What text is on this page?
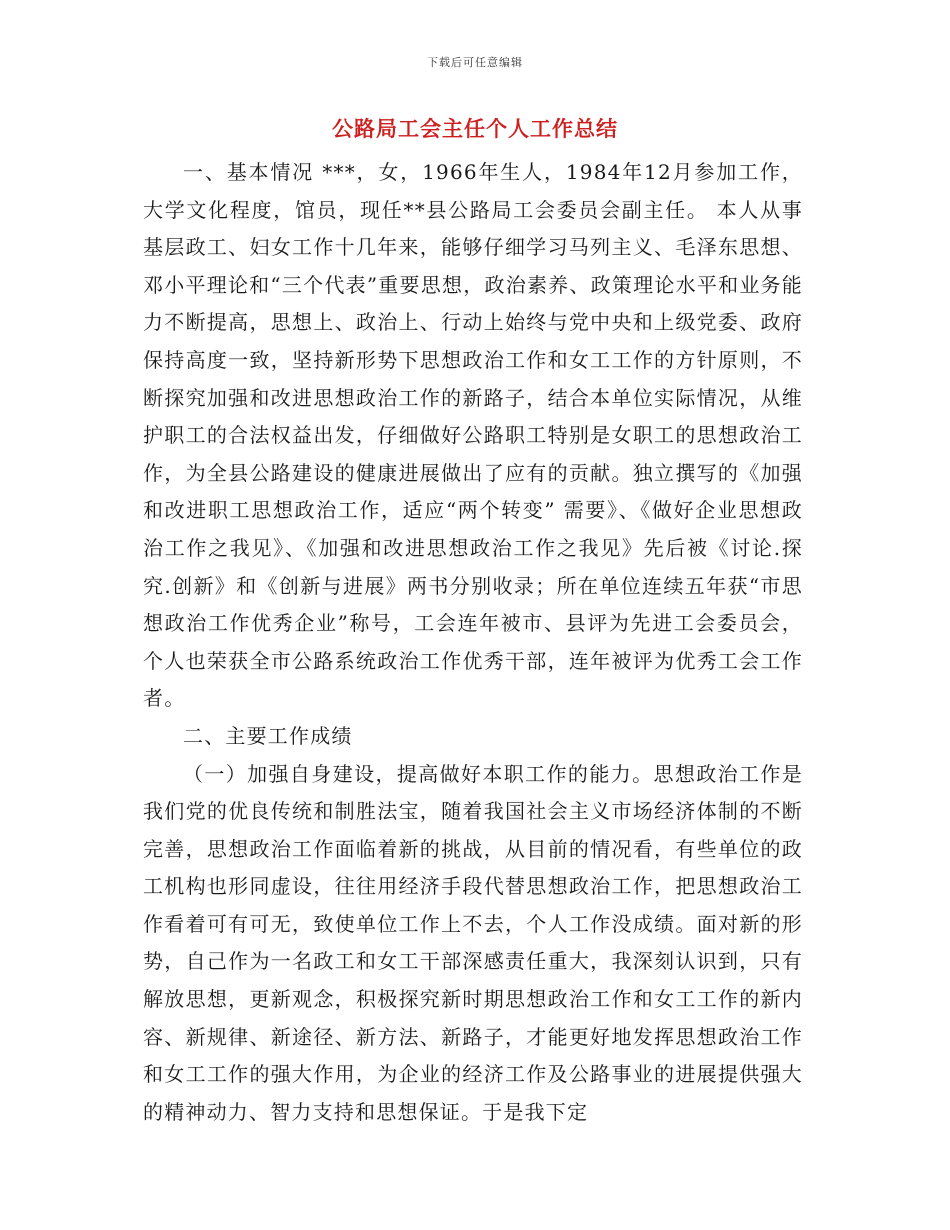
下载后可任意编辑
公路局工会主任个人工作总结

一、基本情况 ***，女，1966年生人，1984年12月参加工作，大学文化程度，馆员，现任**县公路局工会委员会副主任。 本人从事基层政工、妇女工作十几年来，能够仔细学习马列主义、毛泽东思想、邓小平理论和“三个代表”重要思想，政治素养、政策理论水平和业务能力不断提高，思想上、政治上、行动上始终与党中央和上级党委、政府保持高度一致，坚持新形势下思想政治工作和女工工作的方针原则，不断探究加强和改进思想政治工作的新路子，结合本单位实际情况，从维护职工的合法权益出发，仔细做好公路职工特别是女职工的思想政治工作，为全县公路建设的健康进展做出了应有的贡献。独立撰写的《加强和改进职工思想政治工作，适应“两个转变” 需要》、《做好企业思想政治工作之我见》、《加强和改进思想政治工作之我见》先后被《讨论.探究.创新》和《创新与进展》两书分别收录；所在单位连续五年获“市思想政治工作优秀企业”称号，工会连年被市、县评为先进工会委员会，个人也荣获全市公路系统政治工作优秀干部，连年被评为优秀工会工作者。

二、主要工作成绩

（一）加强自身建设，提高做好本职工作的能力。思想政治工作是我们党的优良传统和制胜法宝，随着我国社会主义市场经济体制的不断完善，思想政治工作面临着新的挑战，从目前的情况看，有些单位的政工机构也形同虚设，往往用经济手段代替思想政治工作，把思想政治工作看着可有可无，致使单位工作上不去，个人工作没成绩。面对新的形势，自己作为一名政工和女工干部深感责任重大，我深刻认识到，只有解放思想，更新观念，积极探究新时期思想政治工作和女工工作的新内容、新规律、新途径、新方法、新路子，才能更好地发挥思想政治工作和女工工作的强大作用，为企业的经济工作及公路事业的进展提供强大的精神动力、智力支持和思想保证。于是我下定
